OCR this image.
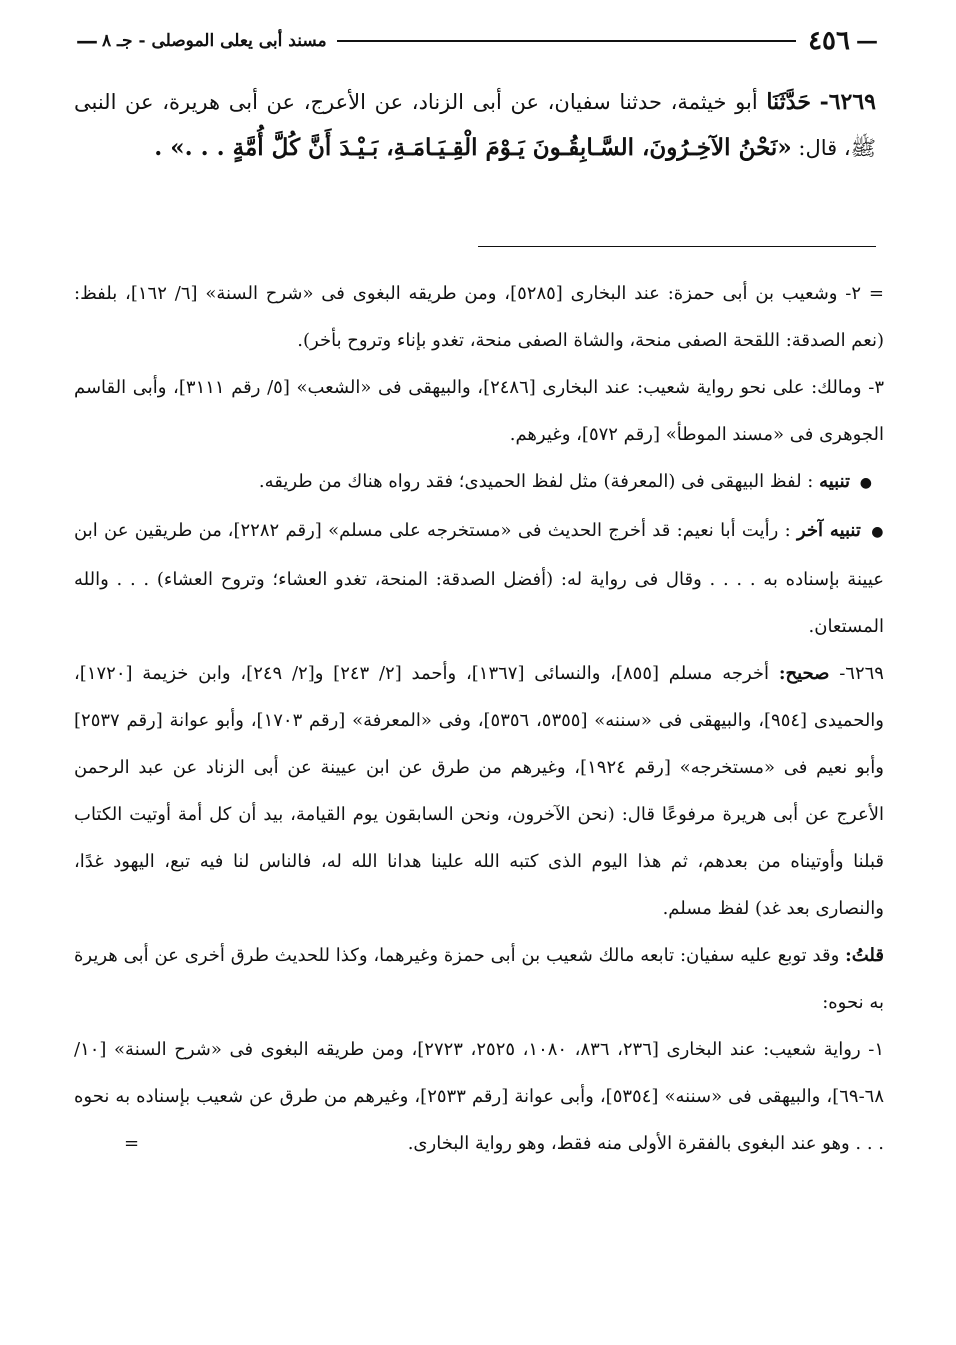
—
٤٥٦
مسند أبى يعلى الموصلى - جـ ٨
—

٦٢٦٩- حَدَّثَنَا أبو خيثمة، حدثنا سفيان، عن أبى الزناد، عن الأعرج، عن أبى هريرة، عن النبى ﷺ، قال: «نَحْنُ الآخِـرُونَ، السَّـابِقُـونَ يَـوْمَ الْقِـيَـامَـةِ، بَـيْـدَ أَنَّ كُلَّ أُمَّةٍ . . .» .

= ٢- وشعيب بن أبى حمزة: عند البخارى [٥٢٨٥]، ومن طريقه البغوى فى «شرح السنة» [٦/ ١٦٢]، بلفظ: (نعم الصدقة: اللقحة الصفى منحة، والشاة الصفى منحة، تغدو بإناء وتروح بأخر).

٣- ومالك: على نحو رواية شعيب: عند البخارى [٢٤٨٦]، والبيهقى فى «الشعب» [٥/ رقم ٣١١١]، وأبى القاسم الجوهرى فى «مسند الموطأ» [رقم ٥٧٢]، وغيرهم.

● تنبيه : لفظ البيهقى فى (المعرفة) مثل لفظ الحميدى؛ فقد رواه هناك من طريقه.

● تنبيه آخر : رأيت أبا نعيم: قد أخرج الحديث فى «مستخرجه على مسلم» [رقم ٢٢٨٢]، من طريقين عن ابن عيينة بإسناده به . . . . وقال فى رواية له: (أفضل الصدقة: المنحة، تغدو العشاء؛ وتروح العشاء) . . . والله المستعان.

٦٢٦٩- صحيح: أخرجه مسلم [٨٥٥]، والنسائى [١٣٦٧]، وأحمد [٢/ ٢٤٣] و[٢/ ٢٤٩]، وابن خزيمة [١٧٢٠]، والحميدى [٩٥٤]، والبيهقى فى «سننه» [٥٣٥٥، ٥٣٥٦]، وفى «المعرفة» [رقم ١٧٠٣]، وأبو عوانة [رقم ٢٥٣٧] وأبو نعيم فى «مستخرجه» [رقم ١٩٢٤]، وغيرهم من طرق عن ابن عيينة عن أبى الزناد عن عبد الرحمن الأعرج عن أبى هريرة مرفوعًا قال: (نحن الآخرون، ونحن السابقون يوم القيامة، بيد أن كل أمة أوتيت الكتاب قبلنا وأوتيناه من بعدهم، ثم هذا اليوم الذى كتبه الله علينا هدانا الله له، فالناس لنا فيه تبع، اليهود غدًا، والنصارى بعد غد) لفظ مسلم.

قلتُ: وقد توبع عليه سفيان: تابعه مالك شعيب بن أبى حمزة وغيرهما، وكذا للحديث طرق أخرى عن أبى هريرة به نحوه:

١- رواية شعيب: عند البخارى [٢٣٦، ٨٣٦، ١٠٨٠، ٢٥٢٥، ٢٧٢٣]، ومن طريقه البغوى فى «شرح السنة» [١٠/ ٦٨-٦٩]، والبيهقى فى «سننه» [٥٣٥٤]، وأبى عوانة [رقم ٢٥٣٣]، وغيرهم من طرق عن شعيب بإسناده به نحوه . . . وهو عند البغوى بالفقرة الأولى منه فقط، وهو رواية البخارى.
=
